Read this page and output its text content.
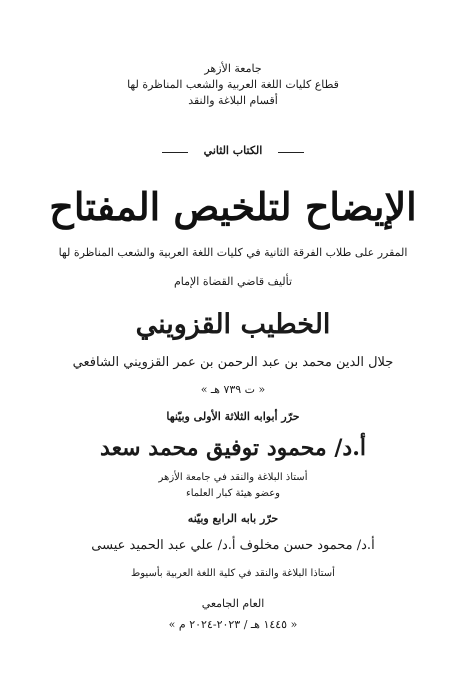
جامعة الأزهر
قطاع كليات اللغة العربية والشعب المناظرة لها
أقسام البلاغة والنقد
الكتاب الثاني
الإيضاح لتلخيص المفتاح
المقرر على طلاب الفرقة الثانية في كليات اللغة العربية والشعب المناظرة لها
تأليف قاضي القضاة الإمام
الخطيب القزويني
جلال الدين محمد بن عبد الرحمن بن عمر القزويني الشافعي
« ت ٧٣٩ هـ »
حرّر أبوابه الثلاثة الأولى وبيّنها
أ.د/ محمود توفيق محمد سعد
أستاذ البلاغة والنقد في جامعة الأزهر
وعضو هيئة كبار العلماء
حرّر بابه الرابع وبيّنه
أ.د/ محمود حسن مخلوف أ.د/ علي عبد الحميد عيسى
أستاذا البلاغة والنقد في كلية اللغة العربية بأسيوط
العام الجامعي
« ١٤٤٥ هـ / ٢٠٢٣-٢٠٢٤ م »
